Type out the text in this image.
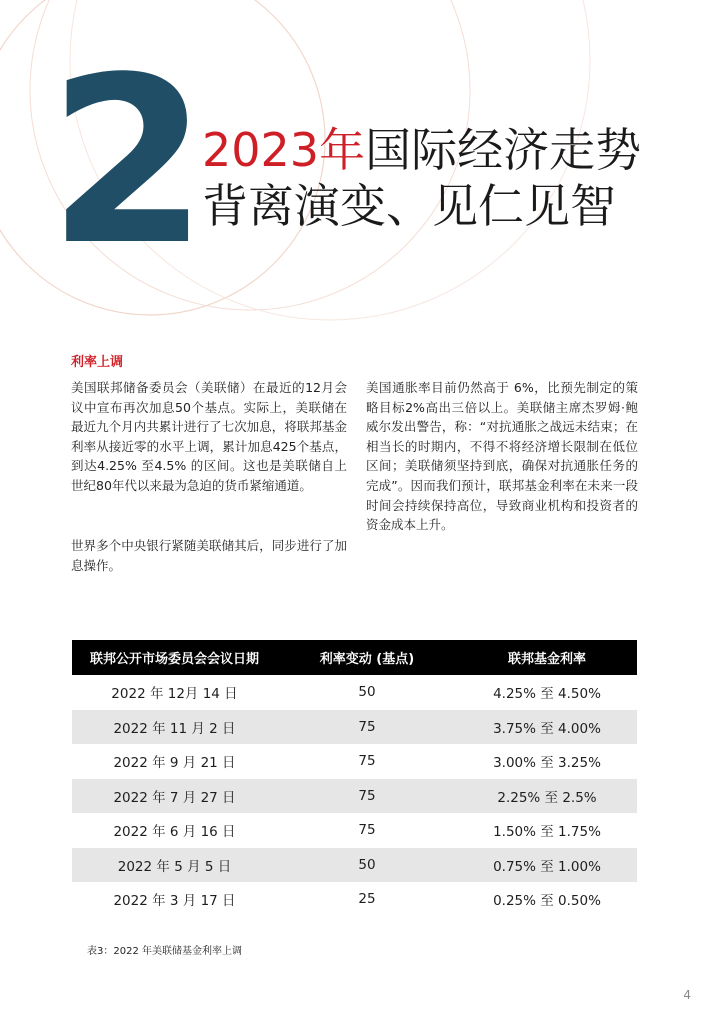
2
2023年国际经济走势
背离演变、见仁见智
利率上调

美国联邦储备委员会（美联储）在最近的12月会议中宣布再次加息50个基点。实际上，美联储在最近九个月内共累计进行了七次加息，将联邦基金利率从接近零的水平上调，累计加息425个基点，到达4.25% 至4.5% 的区间。这也是美联储自上世纪80年代以来最为急迫的货币紧缩通道。

世界多个中央银行紧随美联储其后，同步进行了加息操作。

美国通胀率目前仍然高于 6%，比预先制定的策略目标2%高出三倍以上。美联储主席杰罗姆·鲍威尔发出警告，称：“对抗通胀之战远未结束；在相当长的时期内，不得不将经济增长限制在低位区间；美联储须坚持到底，确保对抗通胀任务的完成”。因而我们预计，联邦基金利率在未来一段时间会持续保持高位，导致商业机构和投资者的资金成本上升。

联邦公开市场委员会会议日期	利率变动 (基点)	联邦基金利率
2022 年 12月 14 日	50	4.25% 至 4.50%
2022 年 11 月 2 日	75	3.75% 至 4.00%
2022 年 9 月 21 日	75	3.00% 至 3.25%
2022 年 7 月 27 日	75	2.25% 至 2.5%
2022 年 6 月 16 日	75	1.50% 至 1.75%
2022 年 5 月 5 日	50	0.75% 至 1.00%
2022 年 3 月 17 日	25	0.25% 至 0.50%
表3：2022 年美联储基金利率上调
4
